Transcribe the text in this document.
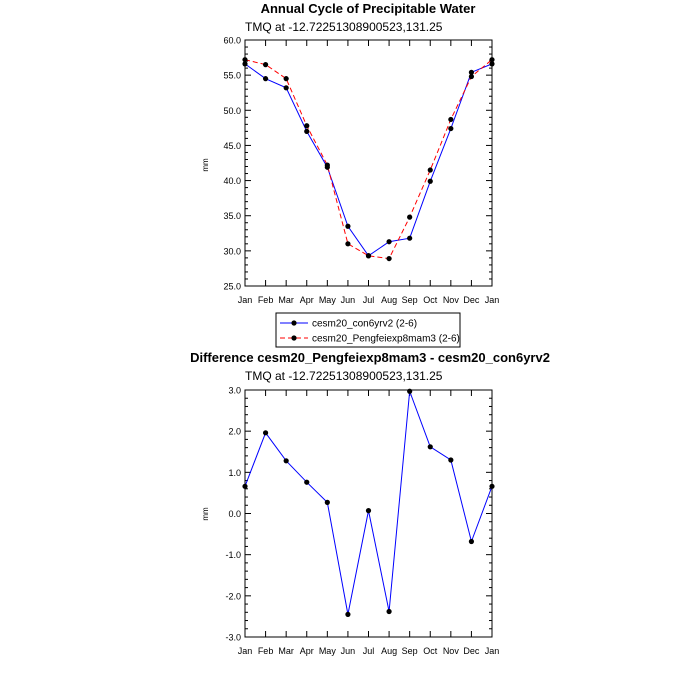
Annual Cycle of Precipitable Water
TMQ at -12.72251308900523,131.25
mm
25.0
30.0
35.0
40.0
45.0
50.0
55.0
60.0
Jan Feb Mar Apr May Jun Jul Aug Sep Oct Nov Dec Jan
cesm20_con6yrv2 (2-6)
cesm20_Pengfeiexp8mam3 (2-6)
Difference cesm20_Pengfeiexp8mam3 - cesm20_con6yrv2
TMQ at -12.72251308900523,131.25
mm
-3.0
-2.0
-1.0
0.0
1.0
2.0
3.0
Jan Feb Mar Apr May Jun Jul Aug Sep Oct Nov Dec Jan
